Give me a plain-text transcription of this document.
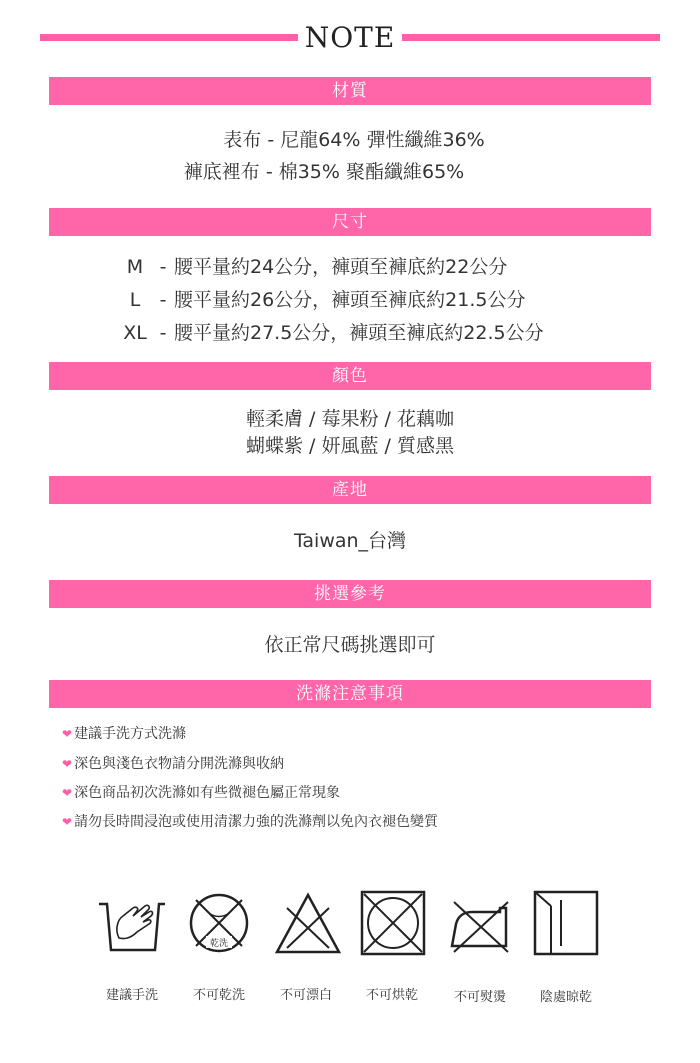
NOTE
材質
表布 - 尼龍64% 彈性纖維36%
褲底裡布 - 棉35% 聚酯纖維65%
尺寸
M - 腰平量約24公分，褲頭至褲底約22公分
L - 腰平量約26公分，褲頭至褲底約21.5公分
XL - 腰平量約27.5公分，褲頭至褲底約22.5公分
顏色
輕柔膚 / 莓果粉 / 花藕咖
蝴蝶紫 / 妍風藍 / 質感黑
產地
Taiwan_台灣
挑選參考
依正常尺碼挑選即可
洗滌注意事項
❤ 建議手洗方式洗滌
❤ 深色與淺色衣物請分開洗滌與收納
❤ 深色商品初次洗滌如有些微褪色屬正常現象
❤ 請勿長時間浸泡或使用清潔力強的洗滌劑以免內衣褪色變質
乾洗
建議手洗	不可乾洗	不可漂白	不可烘乾	不可熨燙	陰處晾乾
